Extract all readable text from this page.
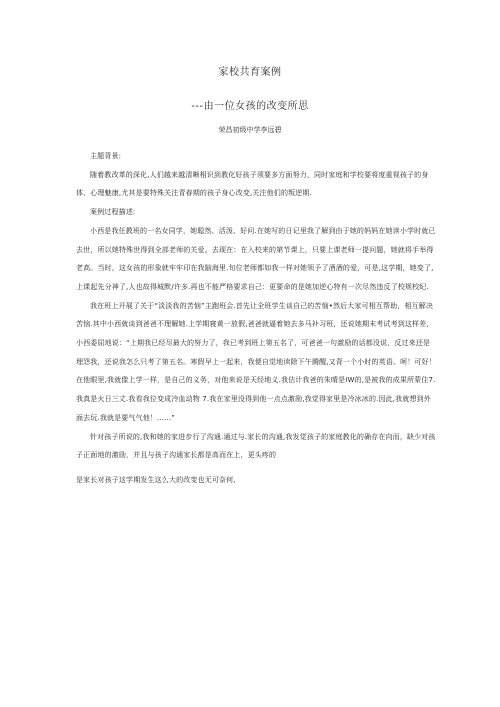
家校共育案例
---由一位女孩的改变所思
荣昌初级中学李远碧

主题背景:

随着教改革的深化,人们越来越清晰相识到教化好孩子须要多方面努力，同时家庭和学校要将度重视孩子的身体、心理魅康,尤其是要特殊关注青春期的孩子身心改变,关注他们的叛逆期.

案例过程描述:

小西是我任教班的一名女同学，她聪然、活泼、好问.在她写的日记里我了解到由于她的妈妈在她读小学时就已去世，所以她特殊世得到全部老师的关爱。去现在：在入校来的第节课上，只要上课老师一提问题，她就将手举得老高。当时，这女孩的形象就牢牢印在我脑海里.旬位老师都如我一样对她领予了酒酒的爱，可是,这学期，她变了,上课起先分神了,人也故得城默/许多.再也不能严格要求自己：更要命的是她加逆心特有一次尽然违反了校规校纪.

我在班上开展了关于“淡淡我的苦恼”主跑班会.首先让全班学生谈自己的苦恼•然后大家可相互帮助，相互解决苦恼.其中小西就谈到爸爸不理解她.上学期寝黄一放假,爸爸就逼着她去多马补习班，还说她期末考试考到这样差，小西委屈地说：“上期我已经尽最大的努力了，我已考到班上第五名了，可爸爸一句激励的话都没说，反过来还是埋怨我，还说我怎么只考了第五名。寒假早上一起来，我便自觉地读除下午腾醒,又背一个小时的英语。呵！可好！在他眼里,我就像上学一样，是自己的义务，对他来说是天经地义.我估计我爸的朱晴是IW的,是被我的成果所蒙住7.我真是火日三丈.我看我位变成冷血动物 7.我在家里没得到他一点点激励,我觉得家里是冷冰冰的.因此,我就想到外面去玩.我就是要气气他！......”

针对孩子所说的,我和她的家进步行了沟通.通过与.家长的沟通,我发觉孩子的家庭教化的确存在向而，缺少对孩子正面地的激励，并且与孩子沟通家长都是高而在上，更头疼的

是家长对孩子这学期发生这么大的改变也无可奈何,
